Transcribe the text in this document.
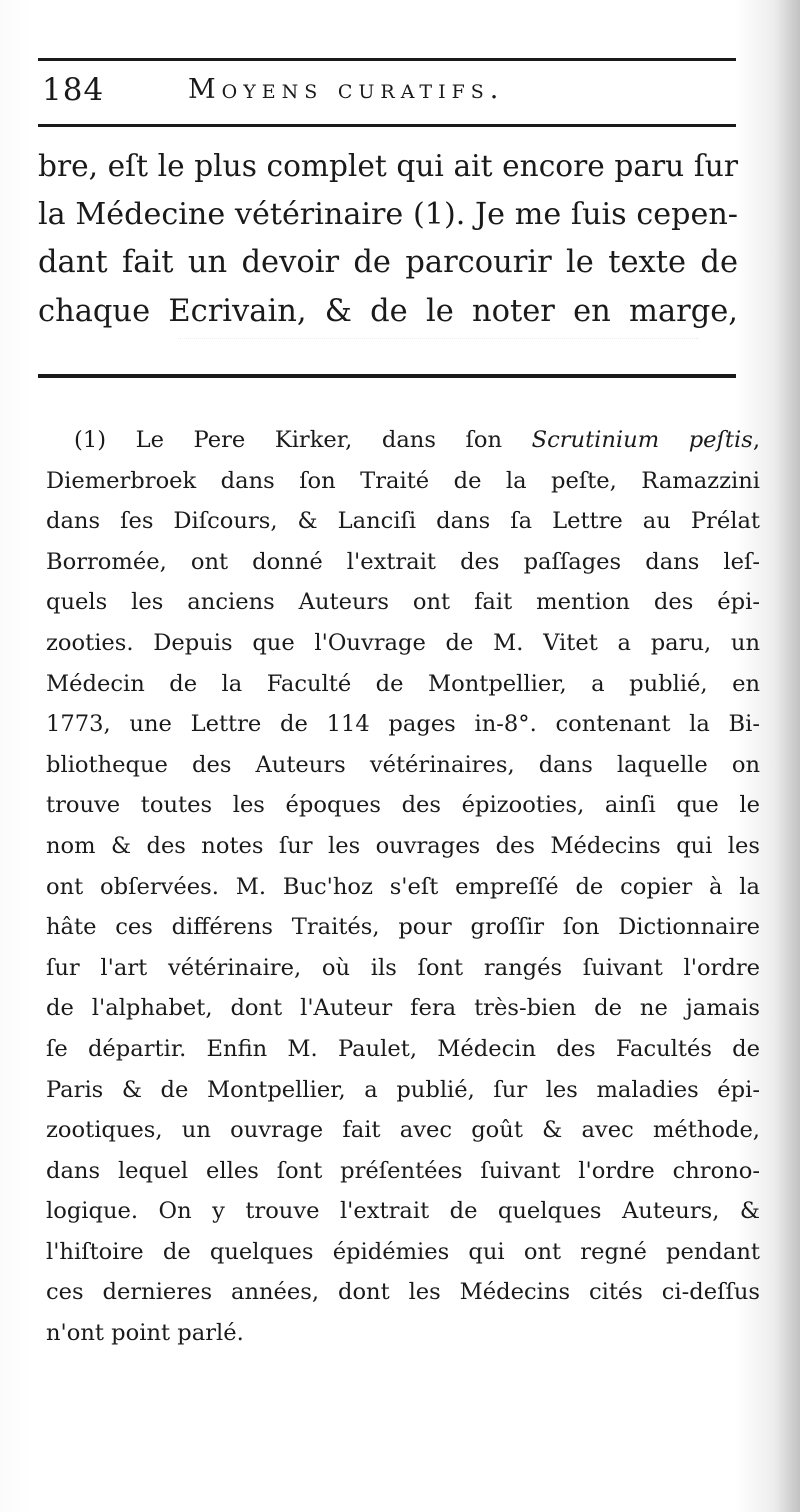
184	Moyens curatifs.
bre, eſt le plus complet qui ait encore paru ſur
la Médecine vétérinaire (1). Je me ſuis cepen-
dant fait un devoir de parcourir le texte de
chaque Ecrivain, & de le noter en marge,
(1) Le Pere Kirker, dans ſon Scrutinium peſtis,
Diemerbroek dans ſon Traité de la peſte, Ramazzini
dans ſes Diſcours, & Lanciſi dans ſa Lettre au Prélat
Borromée, ont donné l'extrait des paſſages dans leſ-
quels les anciens Auteurs ont fait mention des épi-
zooties. Depuis que l'Ouvrage de M. Vitet a paru, un
Médecin de la Faculté de Montpellier, a publié, en
1773, une Lettre de 114 pages in-8°. contenant la Bi-
bliotheque des Auteurs vétérinaires, dans laquelle on
trouve toutes les époques des épizooties, ainſi que le
nom & des notes ſur les ouvrages des Médecins qui les
ont obſervées. M. Buc'hoz s'eſt empreſſé de copier à la
hâte ces différens Traités, pour groſſir ſon Dictionnaire
ſur l'art vétérinaire, où ils ſont rangés ſuivant l'ordre
de l'alphabet, dont l'Auteur fera très-bien de ne jamais
ſe départir. Enfin M. Paulet, Médecin des Facultés de
Paris & de Montpellier, a publié, ſur les maladies épi-
zootiques, un ouvrage fait avec goût & avec méthode,
dans lequel elles ſont préſentées ſuivant l'ordre chrono-
logique. On y trouve l'extrait de quelques Auteurs, &
l'hiſtoire de quelques épidémies qui ont regné pendant
ces dernieres années, dont les Médecins cités ci-deſſus
n'ont point parlé.
